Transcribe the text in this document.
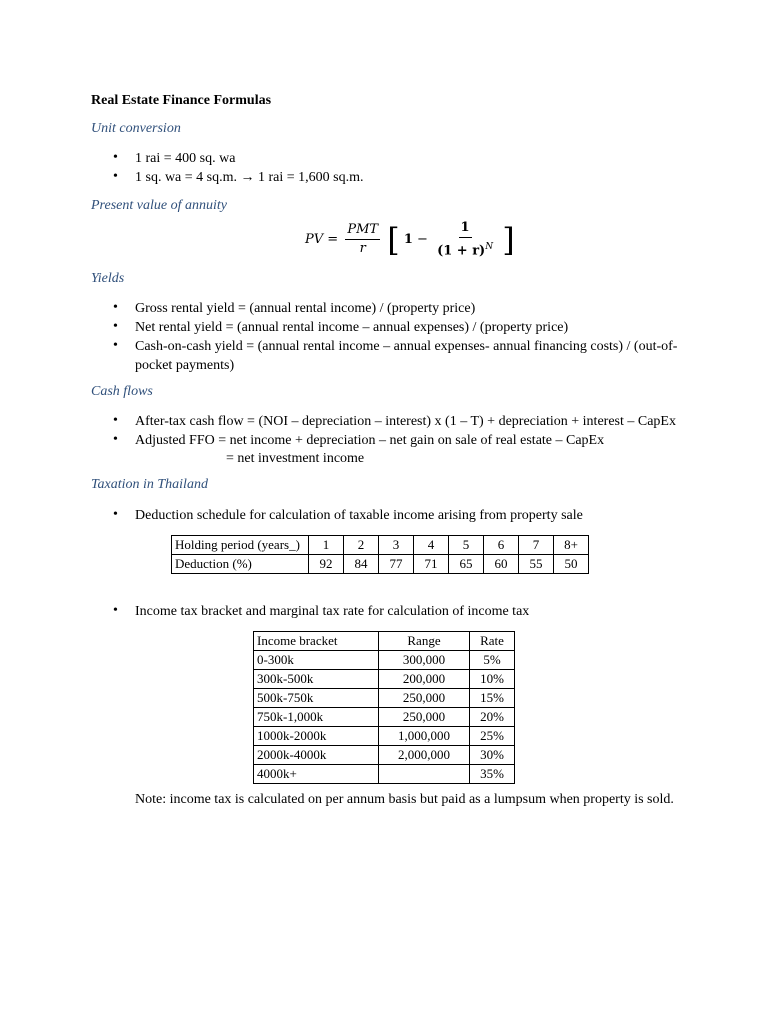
Real Estate Finance Formulas
Unit conversion
• 1 rai = 400 sq. wa
• 1 sq. wa = 4 sq.m. → 1 rai = 1,600 sq.m.
Present value of annuity
PV = $\frac{\text{PMT}}{r}$ [ $1 - \frac{1}{(1 + r)^N}$ ]
Yields
• Gross rental yield = (annual rental income) / (property price)
• Net rental yield = (annual rental income – annual expenses) / (property price)
• Cash-on-cash yield = (annual rental income – annual expenses- annual financing costs) / (out-of-
pocket payments)
Cash flows
• After-tax cash flow = (NOI – depreciation – interest) x (1 – T) + depreciation + interest – CapEx
• Adjusted FFO = net income + depreciation – net gain on sale of real estate – CapEx
= net investment income
Taxation in Thailand
• Deduction schedule for calculation of taxable income arising from property sale
Holding period (years_)	1	2	3	4	5	6	7	8+
Deduction (%)	92	84	77	71	65	60	55	50
• Income tax bracket and marginal tax rate for calculation of income tax
Income bracket	Range	Rate
0-300k	300,000	5%
300k-500k	200,000	10%
500k-750k	250,000	15%
750k-1,000k	250,000	20%
1000k-2000k	1,000,000	25%
2000k-4000k	2,000,000	30%
4000k+		35%
Note: income tax is calculated on per annum basis but paid as a lumpsum when property is sold.
